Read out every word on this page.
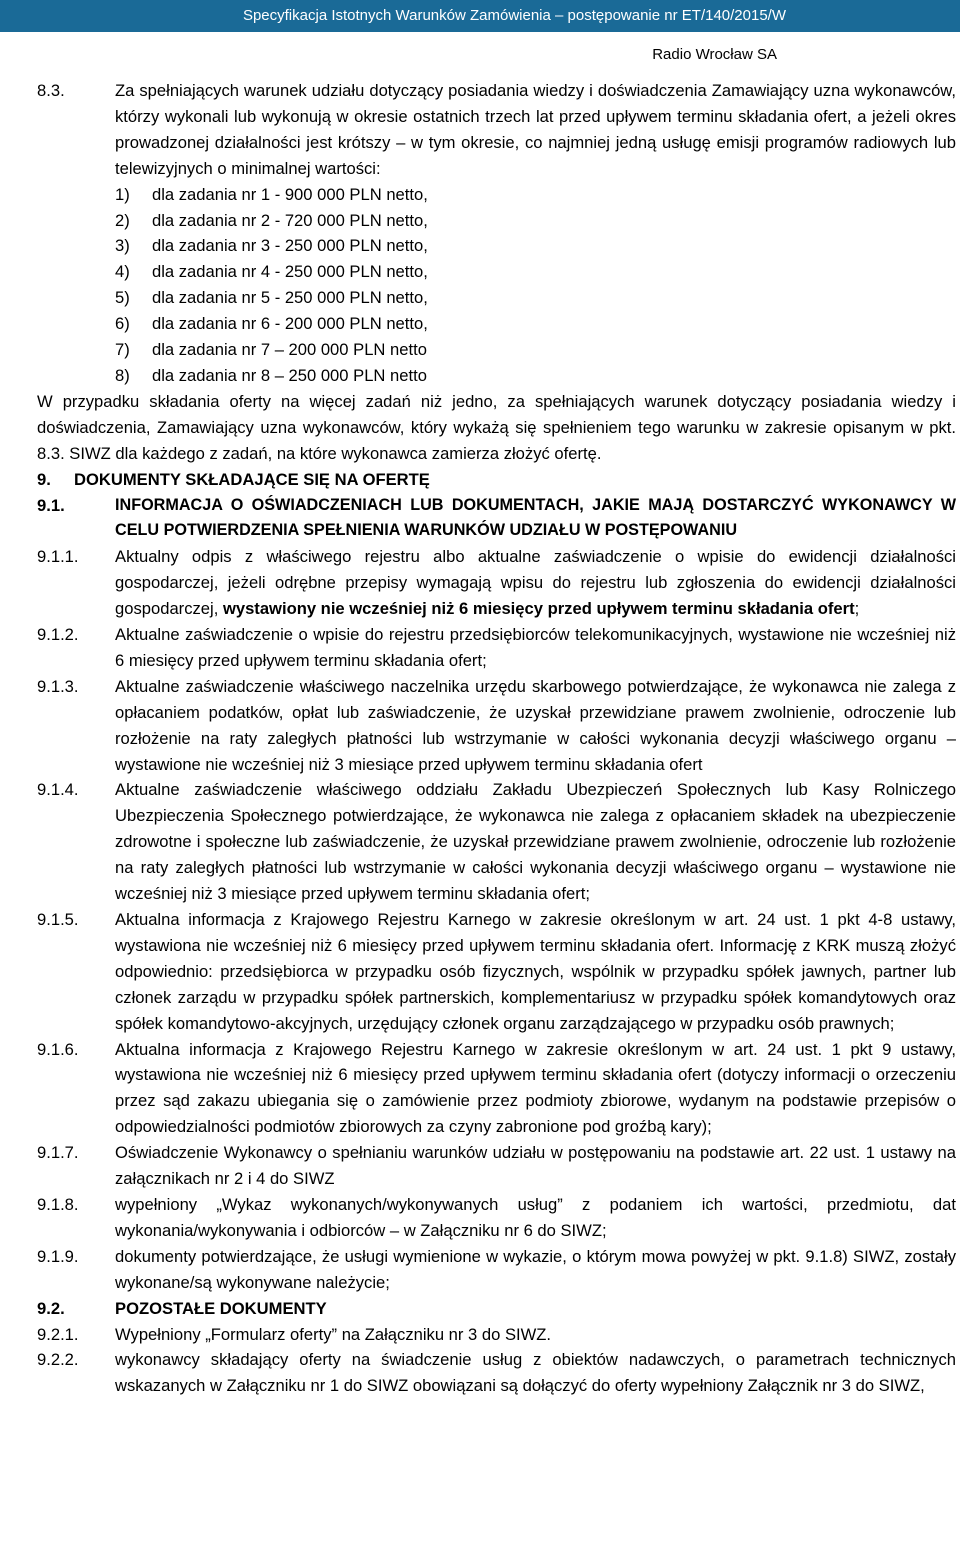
Specyfikacja Istotnych Warunków Zamówienia – postępowanie nr ET/140/2015/W
Radio Wrocław SA
8.3.	Za spełniających warunek udziału dotyczący posiadania wiedzy i doświadczenia Zamawiający uzna wykonawców, którzy wykonali lub wykonują w okresie ostatnich trzech lat przed upływem terminu składania ofert, a jeżeli okres prowadzonej działalności jest krótszy – w tym okresie, co najmniej jedną usługę emisji programów radiowych lub telewizyjnych o minimalnej wartości:
1)	dla zadania nr 1 - 900 000 PLN netto,
2)	dla zadania nr 2 - 720 000 PLN netto,
3)	dla zadania nr 3 - 250 000 PLN netto,
4)	dla zadania nr 4 - 250 000 PLN netto,
5)	dla zadania nr 5 - 250 000 PLN netto,
6)	dla zadania nr 6 - 200 000 PLN netto,
7)	dla zadania nr 7 – 200 000 PLN netto
8)	dla zadania nr 8 – 250 000 PLN netto
W przypadku składania oferty na więcej zadań niż jedno, za spełniających warunek dotyczący posiadania wiedzy i doświadczenia, Zamawiający uzna wykonawców, który wykażą się spełnieniem tego warunku w zakresie opisanym w pkt. 8.3. SIWZ dla każdego z zadań, na które wykonawca zamierza złożyć ofertę.
9.	DOKUMENTY SKŁADAJĄCE SIĘ NA OFERTĘ
9.1.	INFORMACJA O OŚWIADCZENIACH LUB DOKUMENTACH, JAKIE MAJĄ DOSTARCZYĆ WYKONAWCY W CELU POTWIERDZENIA SPEŁNIENIA WARUNKÓW UDZIAŁU W POSTĘPOWANIU
9.1.1.	Aktualny odpis z właściwego rejestru albo aktualne zaświadczenie o wpisie do ewidencji działalności gospodarczej, jeżeli odrębne przepisy wymagają wpisu do rejestru lub zgłoszenia do ewidencji działalności gospodarczej, wystawiony nie wcześniej niż 6 miesięcy przed upływem terminu składania ofert;
9.1.2.	Aktualne zaświadczenie o wpisie do rejestru przedsiębiorców telekomunikacyjnych, wystawione nie wcześniej niż 6 miesięcy przed upływem terminu składania ofert;
9.1.3.	Aktualne zaświadczenie właściwego naczelnika urzędu skarbowego potwierdzające, że wykonawca nie zalega z opłacaniem podatków, opłat lub zaświadczenie, że uzyskał przewidziane prawem zwolnienie, odroczenie lub rozłożenie na raty zaległych płatności lub wstrzymanie w całości wykonania decyzji właściwego organu – wystawione nie wcześniej niż 3 miesiące przed upływem terminu składania ofert
9.1.4.	Aktualne zaświadczenie właściwego oddziału Zakładu Ubezpieczeń Społecznych lub Kasy Rolniczego Ubezpieczenia Społecznego potwierdzające, że wykonawca nie zalega z opłacaniem składek na ubezpieczenie zdrowotne i społeczne lub zaświadczenie, że uzyskał przewidziane prawem zwolnienie, odroczenie lub rozłożenie na raty zaległych płatności lub wstrzymanie w całości wykonania decyzji właściwego organu – wystawione nie wcześniej niż 3 miesiące przed upływem terminu składania ofert;
9.1.5.	Aktualna informacja z Krajowego Rejestru Karnego w zakresie określonym w art. 24 ust. 1 pkt 4-8 ustawy, wystawiona nie wcześniej niż 6 miesięcy przed upływem terminu składania ofert. Informację z KRK muszą złożyć odpowiednio: przedsiębiorca w przypadku osób fizycznych, wspólnik w przypadku spółek jawnych, partner lub członek zarządu w przypadku spółek partnerskich, komplementariusz w przypadku spółek komandytowych oraz spółek komandytowo-akcyjnych, urzędujący członek organu zarządzającego w przypadku osób prawnych;
9.1.6.	Aktualna informacja z Krajowego Rejestru Karnego w zakresie określonym w art. 24 ust. 1 pkt 9 ustawy, wystawiona nie wcześniej niż 6 miesięcy przed upływem terminu składania ofert (dotyczy informacji o orzeczeniu przez sąd zakazu ubiegania się o zamówienie przez podmioty zbiorowe, wydanym na podstawie przepisów o odpowiedzialności podmiotów zbiorowych za czyny zabronione pod groźbą kary);
9.1.7.	Oświadczenie Wykonawcy o spełnianiu warunków udziału w postępowaniu na podstawie art. 22 ust. 1 ustawy na załącznikach nr 2 i 4 do SIWZ
9.1.8.	wypełniony „Wykaz wykonanych/wykonywanych usług” z podaniem ich wartości, przedmiotu, dat wykonania/wykonywania i odbiorców – w Załączniku nr 6 do SIWZ;
9.1.9.	dokumenty potwierdzające, że usługi wymienione w wykazie, o którym mowa powyżej w pkt. 9.1.8) SIWZ, zostały wykonane/są wykonywane należycie;
9.2.	POZOSTAŁE DOKUMENTY
9.2.1.	Wypełniony „Formularz oferty” na Załączniku nr 3 do SIWZ.
9.2.2.	wykonawcy składający oferty na świadczenie usług z obiektów nadawczych, o parametrach technicznych wskazanych w Załączniku nr 1 do SIWZ obowiązani są dołączyć do oferty wypełniony Załącznik nr 3 do SIWZ,
